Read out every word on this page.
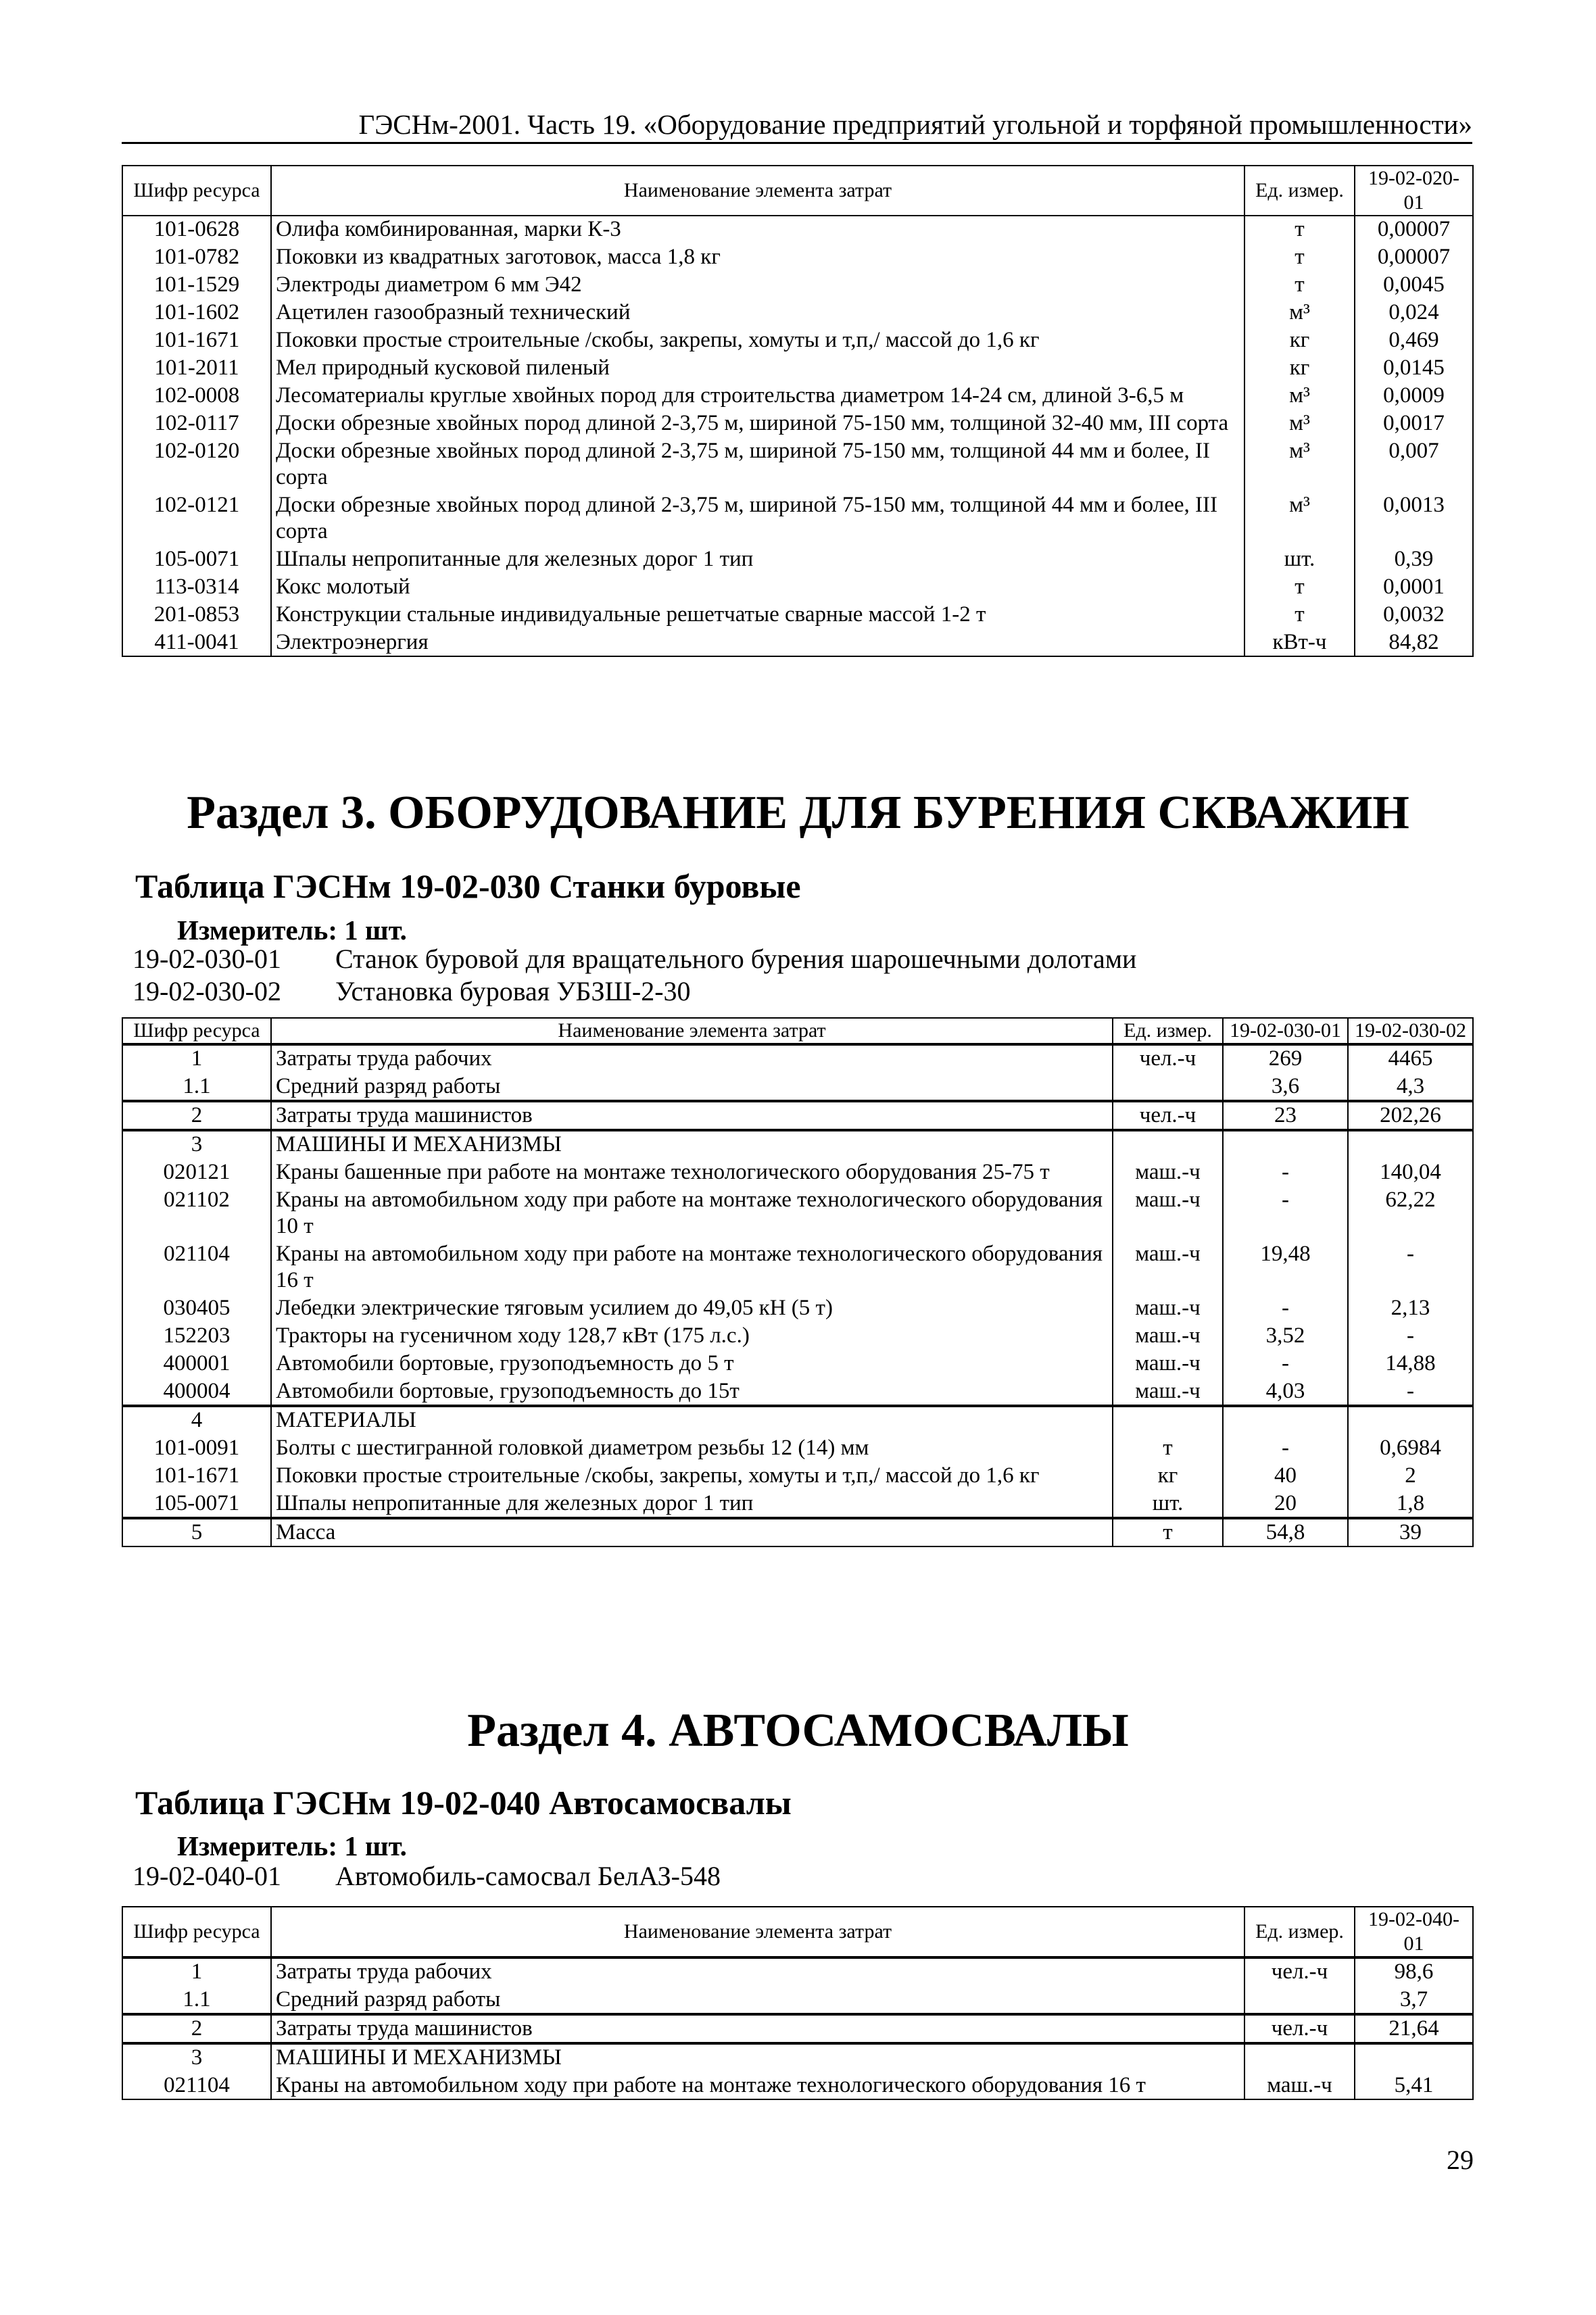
ГЭСНм-2001. Часть 19. «Оборудование предприятий угольной и торфяной промышленности»
Шифр ресурса	Наименование элемента затрат	Ед. измер.	19-02-020-01
101-0628	Олифа комбинированная, марки К-3	т	0,00007
101-0782	Поковки из квадратных заготовок, масса 1,8 кг	т	0,00007
101-1529	Электроды диаметром 6 мм Э42	т	0,0045
101-1602	Ацетилен газообразный технический	м³	0,024
101-1671	Поковки простые строительные /скобы, закрепы, хомуты и т,п,/ массой до 1,6 кг	кг	0,469
101-2011	Мел природный кусковой пиленый	кг	0,0145
102-0008	Лесоматериалы круглые хвойных пород для строительства диаметром 14-24 см, длиной 3-6,5 м	м³	0,0009
102-0117	Доски обрезные хвойных пород длиной 2-3,75 м, шириной 75-150 мм, толщиной 32-40 мм, III сорта	м³	0,0017
102-0120	Доски обрезные хвойных пород длиной 2-3,75 м, шириной 75-150 мм, толщиной 44 мм и более, II сорта	м³	0,007
102-0121	Доски обрезные хвойных пород длиной 2-3,75 м, шириной 75-150 мм, толщиной 44 мм и более, III сорта	м³	0,0013
105-0071	Шпалы непропитанные для железных дорог 1 тип	шт.	0,39
113-0314	Кокс молотый	т	0,0001
201-0853	Конструкции стальные индивидуальные решетчатые сварные массой 1-2 т	т	0,0032
411-0041	Электроэнергия	кВт-ч	84,82
Раздел 3. ОБОРУДОВАНИЕ ДЛЯ БУРЕНИЯ СКВАЖИН
Таблица ГЭСНм 19-02-030 Станки буровые
Измеритель: 1 шт.
19-02-030-01 Станок буровой для вращательного бурения шарошечными долотами
19-02-030-02 Установка буровая УБЗШ-2-30
Шифр ресурса	Наименование элемента затрат	Ед. измер.	19-02-030-01	19-02-030-02
1	Затраты труда рабочих	чел.-ч	269	4465
1.1	Средний разряд работы		3,6	4,3
2	Затраты труда машинистов	чел.-ч	23	202,26
3	МАШИНЫ И МЕХАНИЗМЫ			
020121	Краны башенные при работе на монтаже технологического оборудования 25-75 т	маш.-ч	-	140,04
021102	Краны на автомобильном ходу при работе на монтаже технологического оборудования 10 т	маш.-ч	-	62,22
021104	Краны на автомобильном ходу при работе на монтаже технологического оборудования 16 т	маш.-ч	19,48	-
030405	Лебедки электрические тяговым усилием до 49,05 кН (5 т)	маш.-ч	-	2,13
152203	Тракторы на гусеничном ходу 128,7 кВт (175 л.с.)	маш.-ч	3,52	-
400001	Автомобили бортовые, грузоподъемность до 5 т	маш.-ч	-	14,88
400004	Автомобили бортовые, грузоподъемность до 15т	маш.-ч	4,03	-
4	МАТЕРИАЛЫ			
101-0091	Болты с шестигранной головкой диаметром резьбы 12 (14) мм	т	-	0,6984
101-1671	Поковки простые строительные /скобы, закрепы, хомуты и т,п,/ массой до 1,6 кг	кг	40	2
105-0071	Шпалы непропитанные для железных дорог 1 тип	шт.	20	1,8
5	Масса	т	54,8	39
Раздел 4. АВТОСАМОСВАЛЫ
Таблица ГЭСНм 19-02-040 Автосамосвалы
Измеритель: 1 шт.
19-02-040-01 Автомобиль-самосвал БелАЗ-548
Шифр ресурса	Наименование элемента затрат	Ед. измер.	19-02-040-01
1	Затраты труда рабочих	чел.-ч	98,6
1.1	Средний разряд работы		3,7
2	Затраты труда машинистов	чел.-ч	21,64
3	МАШИНЫ И МЕХАНИЗМЫ		
021104	Краны на автомобильном ходу при работе на монтаже технологического оборудования 16 т	маш.-ч	5,41
29
